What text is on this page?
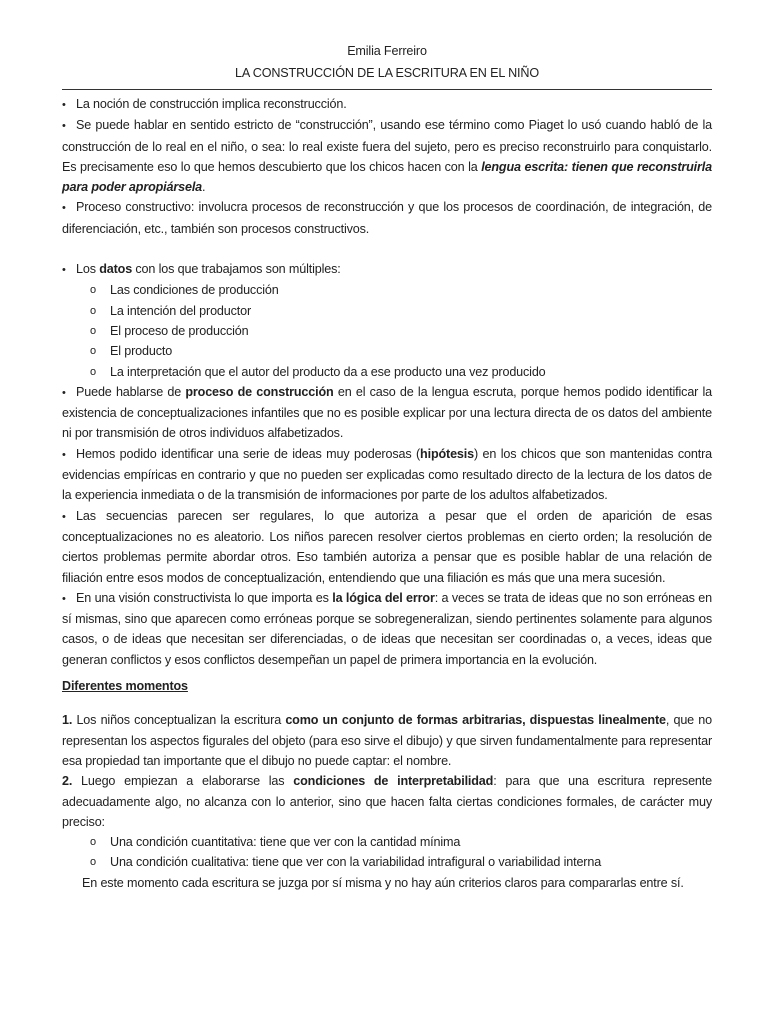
Emilia Ferreiro
LA CONSTRUCCIÓN DE LA ESCRITURA EN EL NIÑO

• La noción de construcción implica reconstrucción.

• Se puede hablar en sentido estricto de “construcción”, usando ese término como Piaget lo usó cuando habló de la construcción de lo real en el niño, o sea: lo real existe fuera del sujeto, pero es preciso reconstruirlo para conquistarlo. Es precisamente eso lo que hemos descubierto que los chicos hacen con la lengua escrita: tienen que reconstruirla para poder apropiársela.

• Proceso constructivo: involucra procesos de reconstrucción y que los procesos de coordinación, de integración, de diferenciación, etc., también son procesos constructivos.

• Los datos con los que trabajamos son múltiples:

o Las condiciones de producción
o La intención del productor
o El proceso de producción
o El producto
o La interpretación que el autor del producto da a ese producto una vez producido

• Puede hablarse de proceso de construcción en el caso de la lengua escruta, porque hemos podido identificar la existencia de conceptualizaciones infantiles que no es posible explicar por una lectura directa de os datos del ambiente ni por transmisión de otros individuos alfabetizados.

• Hemos podido identificar una serie de ideas muy poderosas (hipótesis) en los chicos que son mantenidas contra evidencias empíricas en contrario y que no pueden ser explicadas como resultado directo de la lectura de los datos de la experiencia inmediata o de la transmisión de informaciones por parte de los adultos alfabetizados.

• Las secuencias parecen ser regulares, lo que autoriza a pesar que el orden de aparición de esas conceptualizaciones no es aleatorio. Los niños parecen resolver ciertos problemas en cierto orden; la resolución de ciertos problemas permite abordar otros. Eso también autoriza a pensar que es posible hablar de una relación de filiación entre esos modos de conceptualización, entendiendo que una filiación es más que una mera sucesión.

• En una visión constructivista lo que importa es la lógica del error: a veces se trata de ideas que no son erróneas en sí mismas, sino que aparecen como erróneas porque se sobregeneralizan, siendo pertinentes solamente para algunos casos, o de ideas que necesitan ser diferenciadas, o de ideas que necesitan ser coordinadas o, a veces, ideas que generan conflictos y esos conflictos desempeñan un papel de primera importancia en la evolución.

Diferentes momentos

1. Los niños conceptualizan la escritura como un conjunto de formas arbitrarias, dispuestas linealmente, que no representan los aspectos figurales del objeto (para eso sirve el dibujo) y que sirven fundamentalmente para representar esa propiedad tan importante que el dibujo no puede captar: el nombre.

2. Luego empiezan a elaborarse las condiciones de interpretabilidad: para que una escritura represente adecuadamente algo, no alcanza con lo anterior, sino que hacen falta ciertas condiciones formales, de carácter muy preciso:

o Una condición cuantitativa: tiene que ver con la cantidad mínima
o Una condición cualitativa: tiene que ver con la variabilidad intrafigural o variabilidad interna

En este momento cada escritura se juzga por sí misma y no hay aún criterios claros para compararlas entre sí.
